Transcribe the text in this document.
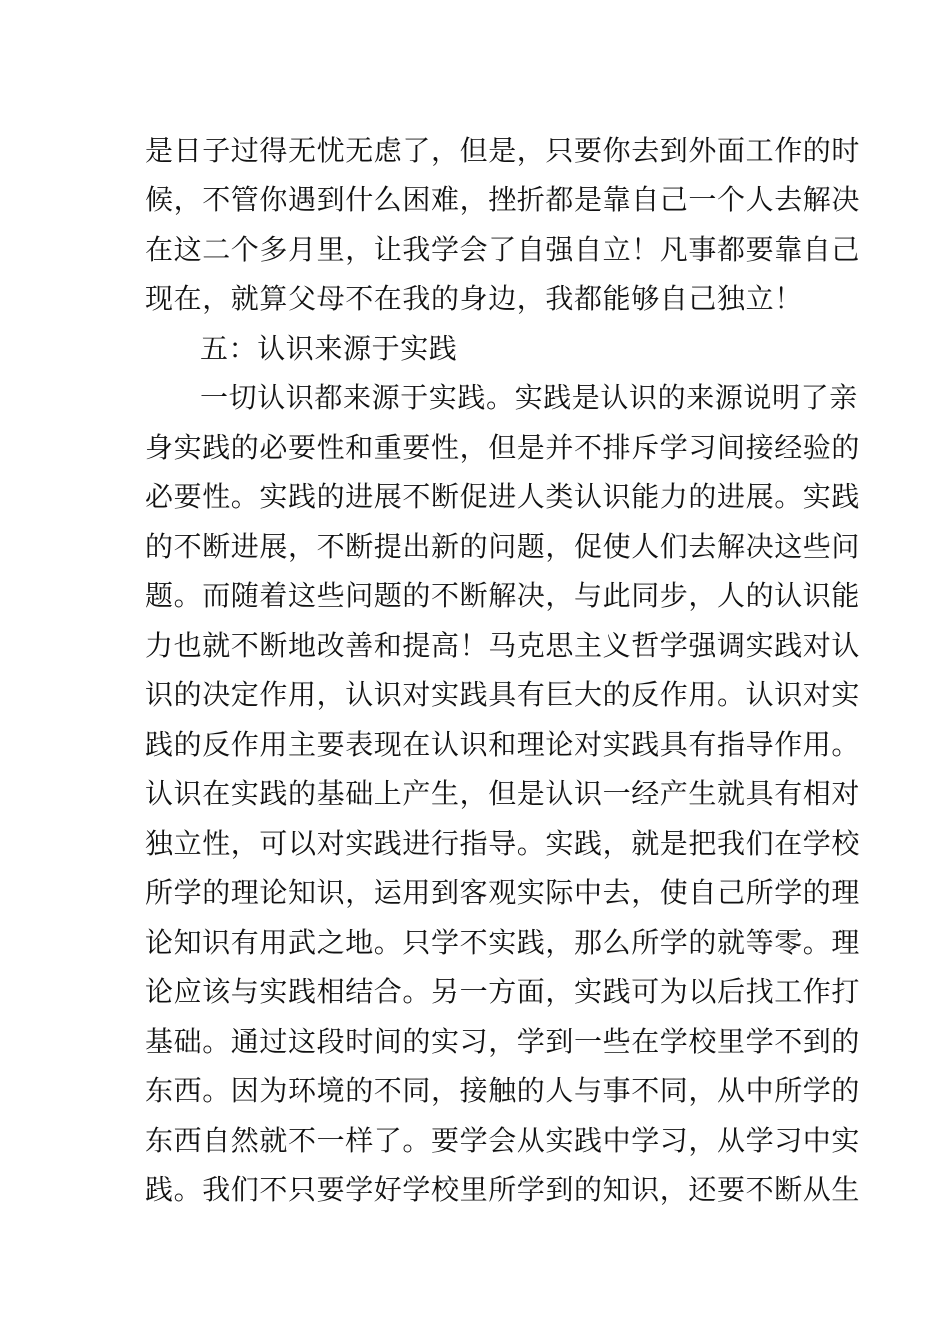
是日子过得无忧无虑了，但是，只要你去到外面工作的时
候，不管你遇到什么困难，挫折都是靠自己一个人去解决
在这二个多月里，让我学会了自强自立！凡事都要靠自己
现在，就算父母不在我的身边，我都能够自己独立！
五：认识来源于实践
一切认识都来源于实践。实践是认识的来源说明了亲
身实践的必要性和重要性，但是并不排斥学习间接经验的
必要性。实践的进展不断促进人类认识能力的进展。实践
的不断进展，不断提出新的问题，促使人们去解决这些问
题。而随着这些问题的不断解决，与此同步，人的认识能
力也就不断地改善和提高！马克思主义哲学强调实践对认
识的决定作用，认识对实践具有巨大的反作用。认识对实
践的反作用主要表现在认识和理论对实践具有指导作用。
认识在实践的基础上产生，但是认识一经产生就具有相对
独立性，可以对实践进行指导。实践，就是把我们在学校
所学的理论知识，运用到客观实际中去，使自己所学的理
论知识有用武之地。只学不实践，那么所学的就等零。理
论应该与实践相结合。另一方面，实践可为以后找工作打
基础。通过这段时间的实习，学到一些在学校里学不到的
东西。因为环境的不同，接触的人与事不同，从中所学的
东西自然就不一样了。要学会从实践中学习，从学习中实
践。我们不只要学好学校里所学到的知识，还要不断从生
